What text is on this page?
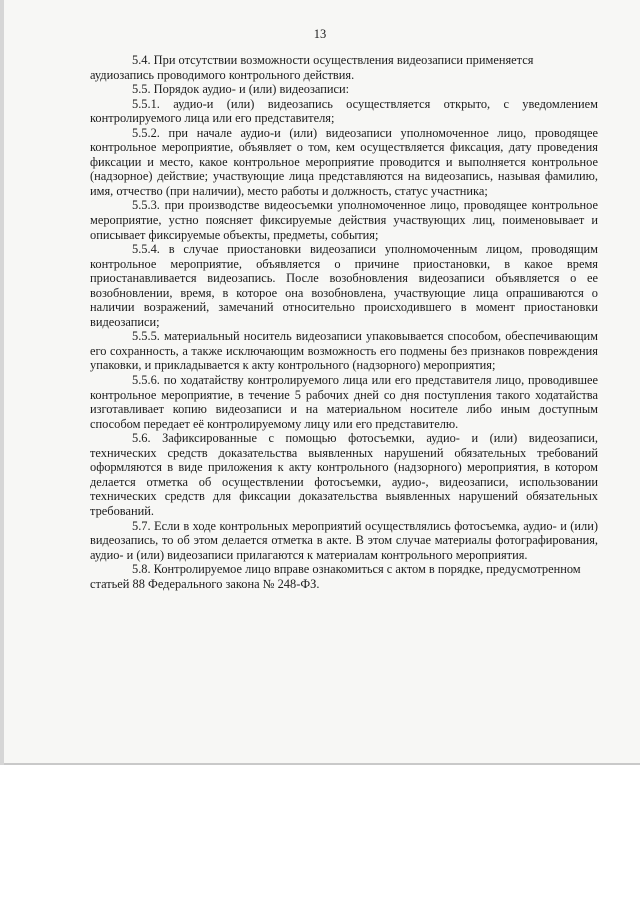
13

5.4. При отсутствии возможности осуществления видеозаписи применяется аудиозапись проводимого контрольного действия.

5.5. Порядок аудио- и (или) видеозаписи:

5.5.1. аудио-и (или) видеозапись осуществляется открыто, с уведомлением контролируемого лица или его представителя;

5.5.2. при начале аудио-и (или) видеозаписи уполномоченное лицо, проводящее контрольное мероприятие, объявляет о том, кем осуществляется фиксация, дату проведения фиксации и место, какое контрольное мероприятие проводится и выполняется контрольное (надзорное) действие; участвующие лица представляются на видеозапись, называя фамилию, имя, отчество (при наличии), место работы и должность, статус участника;

5.5.3. при производстве видеосъемки уполномоченное лицо, проводящее контрольное мероприятие, устно поясняет фиксируемые действия участвующих лиц, поименовывает и описывает фиксируемые объекты, предметы, события;

5.5.4. в случае приостановки видеозаписи уполномоченным лицом, проводящим контрольное мероприятие, объявляется о причине приостановки, в какое время приостанавливается видеозапись. После возобновления видеозаписи объявляется о ее возобновлении, время, в которое она возобновлена, участвующие лица опрашиваются о наличии возражений, замечаний относительно происходившего в момент приостановки видеозаписи;

5.5.5. материальный носитель видеозаписи упаковывается способом, обеспечивающим его сохранность, а также исключающим возможность его подмены без признаков повреждения упаковки, и прикладывается к акту контрольного (надзорного) мероприятия;

5.5.6. по ходатайству контролируемого лица или его представителя лицо, проводившее контрольное мероприятие, в течение 5 рабочих дней со дня поступления такого ходатайства изготавливает копию видеозаписи и на материальном носителе либо иным доступным способом передает её контролируемому лицу или его представителю.

5.6. Зафиксированные с помощью фотосъемки, аудио- и (или) видеозаписи, технических средств доказательства выявленных нарушений обязательных требований оформляются в виде приложения к акту контрольного (надзорного) мероприятия, в котором делается отметка об осуществлении фотосъемки, аудио-, видеозаписи, использовании технических средств для фиксации доказательства выявленных нарушений обязательных требований.

5.7. Если в ходе контрольных мероприятий осуществлялись фотосъемка, аудио- и (или) видеозапись, то об этом делается отметка в акте. В этом случае материалы фотографирования, аудио- и (или) видеозаписи прилагаются к материалам контрольного мероприятия.

5.8. Контролируемое лицо вправе ознакомиться с актом в порядке, предусмотренном статьей 88 Федерального закона № 248-ФЗ.
